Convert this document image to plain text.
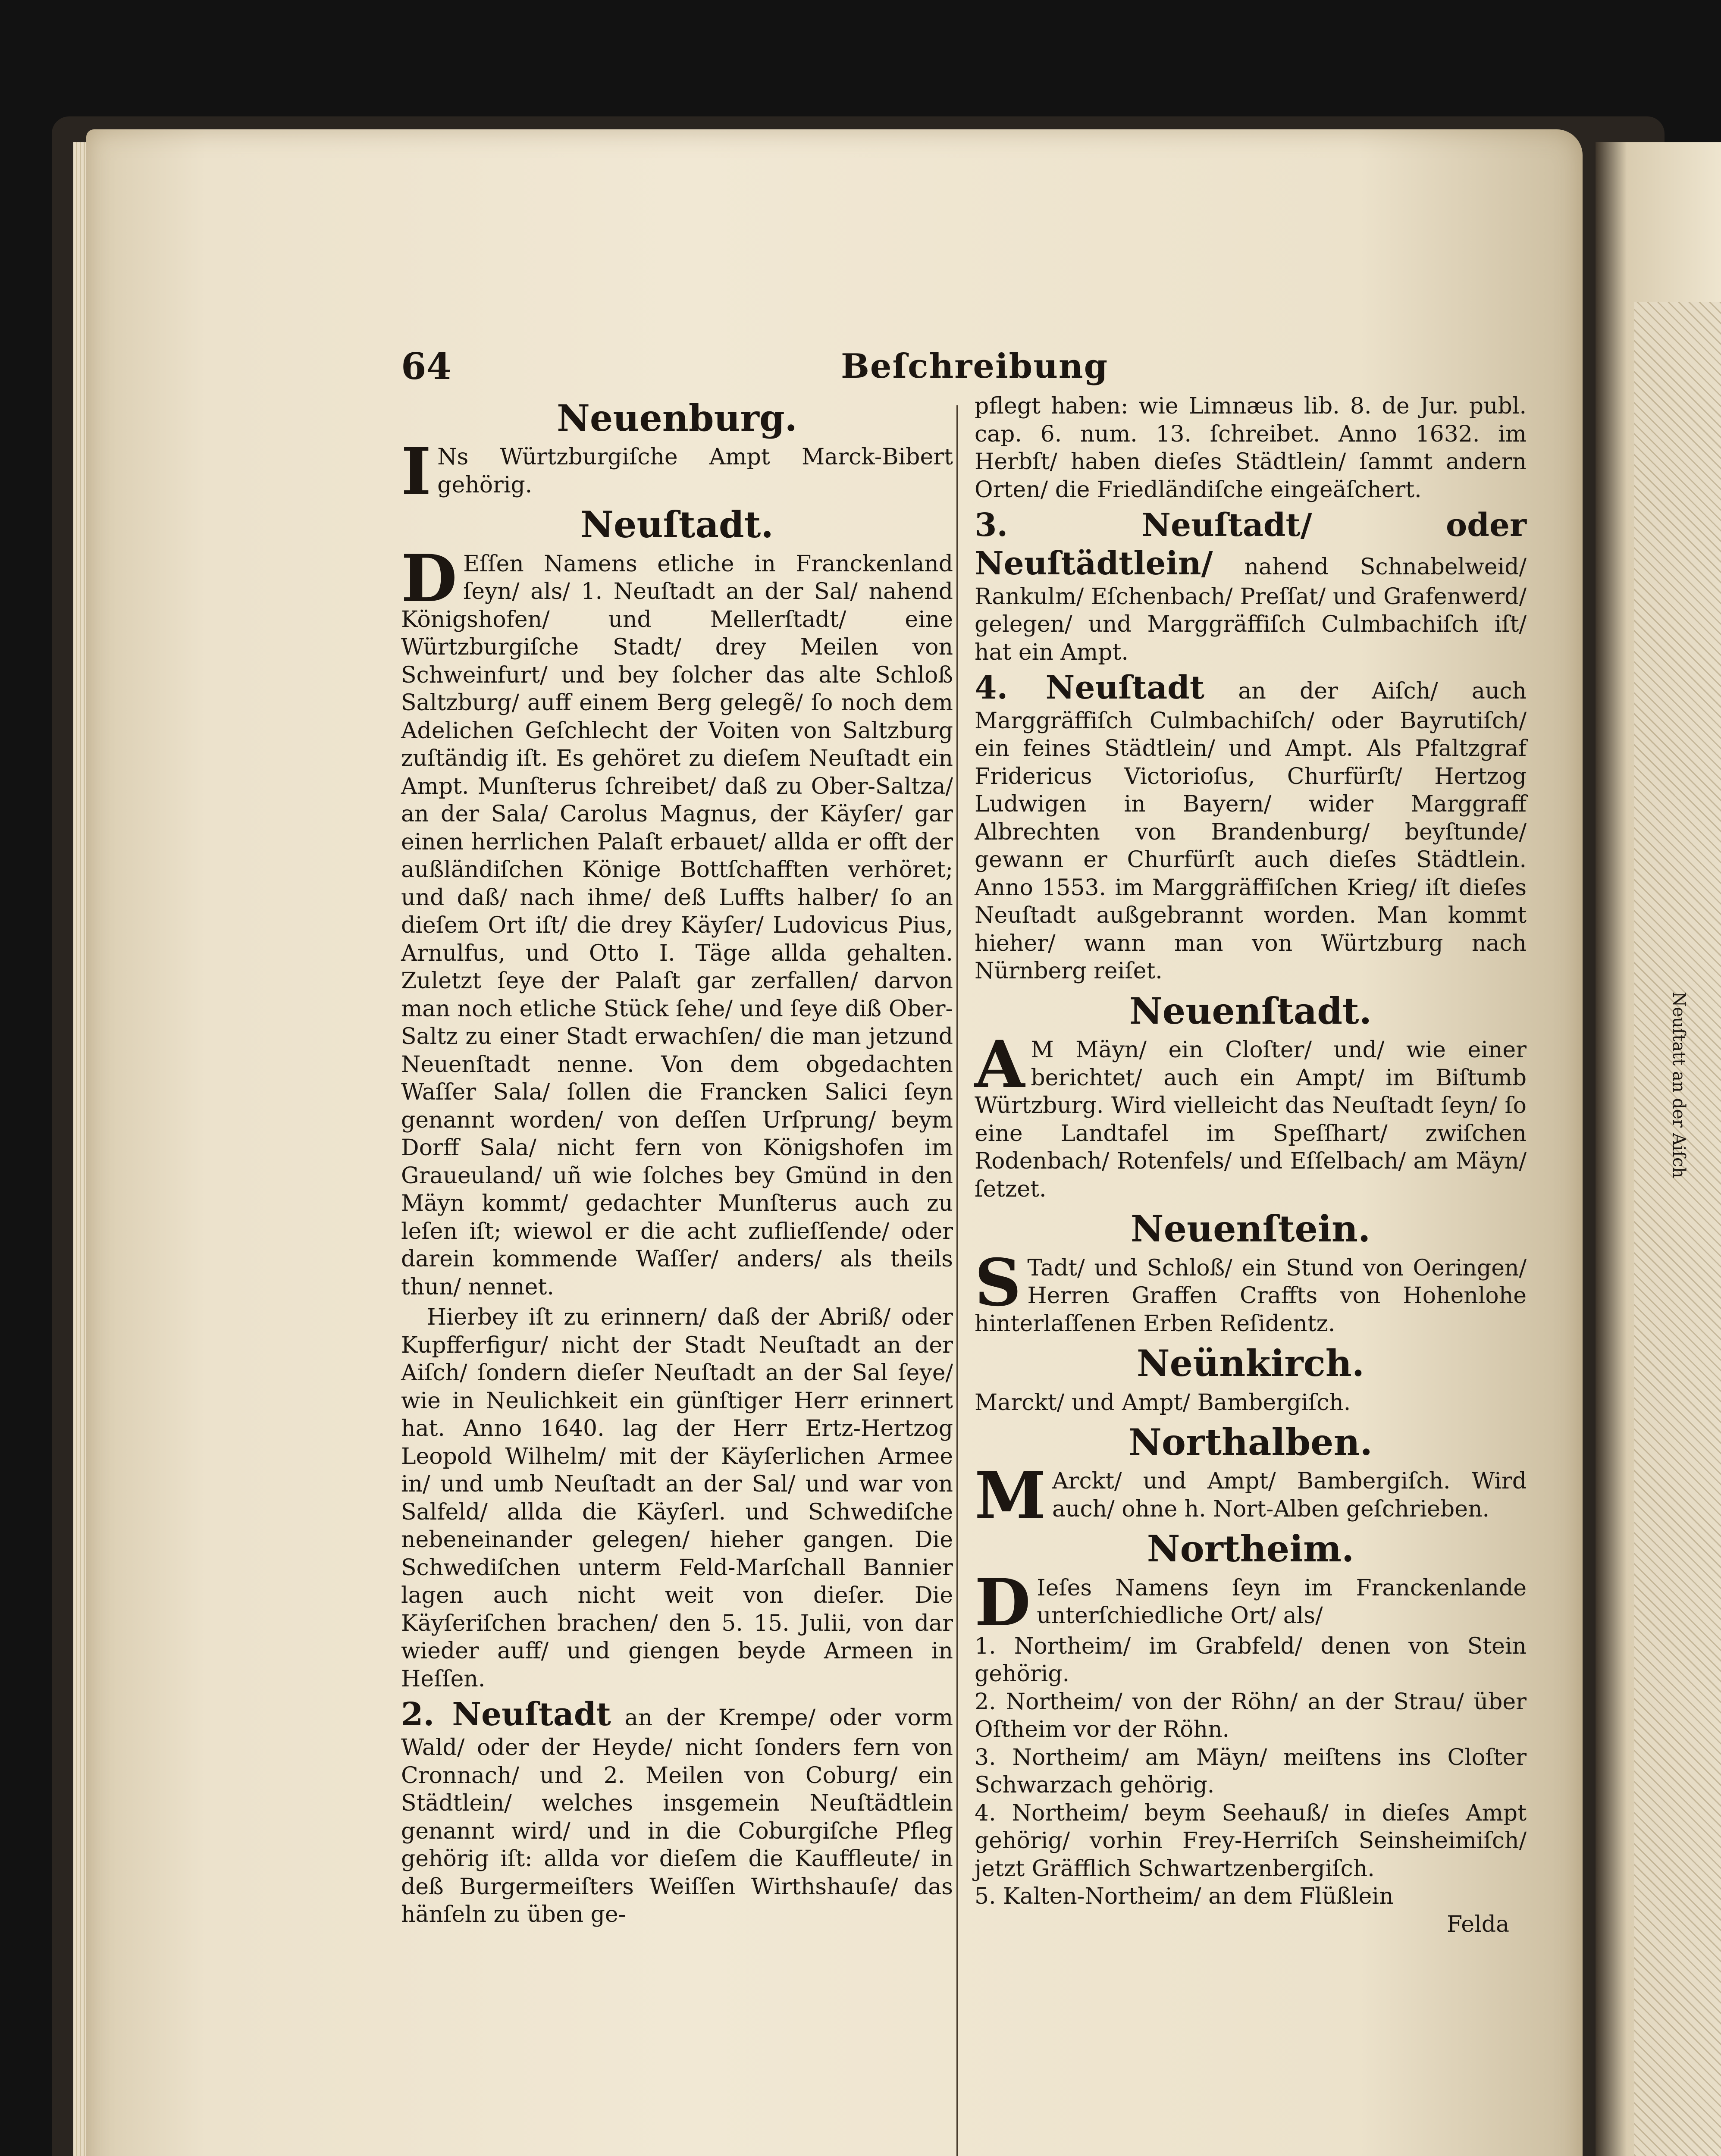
Neuſtatt an der Aiſch
64	Beſchreibung
Neuenburg.

I Ns Würtzburgiſche Ampt Marck-Bibert gehörig.

Neuſtadt.

D Eſſen Namens etliche in Franckenland ſeyn/ als/ 1. Neuſtadt an der Sal/ nahend Königshofen/ und Mellerſtadt/ eine Würtzburgiſche Stadt/ drey Meilen von Schweinfurt/ und bey ſolcher das alte Schloß Saltzburg/ auff einem Berg gelegẽ/ ſo noch dem Adelichen Geſchlecht der Voiten von Saltzburg zuſtändig iſt. Es gehöret zu dieſem Neuſtadt ein Ampt. Munſterus ſchreibet/ daß zu Ober-Saltza/ an der Sala/ Carolus Magnus, der Käyſer/ gar einen herrlichen Palaſt erbauet/ allda er offt der außländiſchen Könige Bottſchafften verhöret; und daß/ nach ihme/ deß Luffts halber/ ſo an dieſem Ort iſt/ die drey Käyſer/ Ludovicus Pius, Arnulfus, und Otto I. Täge allda gehalten. Zuletzt ſeye der Palaſt gar zerfallen/ darvon man noch etliche Stück ſehe/ und ſeye diß Ober-Saltz zu einer Stadt erwachſen/ die man jetzund Neuenſtadt nenne. Von dem obgedachten Waſſer Sala/ ſollen die Francken Salici ſeyn genannt worden/ von deſſen Urſprung/ beym Dorff Sala/ nicht fern von Königshofen im Graueuland/ uñ wie ſolches bey Gmünd in den Mäyn kommt/ gedachter Munſterus auch zu leſen iſt; wiewol er die acht zuflieſſende/ oder darein kommende Waſſer/ anders/ als theils thun/ nennet.

Hierbey iſt zu erinnern/ daß der Abriß/ oder Kupfferfigur/ nicht der Stadt Neuſtadt an der Aiſch/ ſondern dieſer Neuſtadt an der Sal ſeye/ wie in Neulichkeit ein günſtiger Herr erinnert hat. Anno 1640. lag der Herr Ertz-Hertzog Leopold Wilhelm/ mit der Käyſerlichen Armee in/ und umb Neuſtadt an der Sal/ und war von Salfeld/ allda die Käyſerl. und Schwediſche nebeneinander gelegen/ hieher gangen. Die Schwediſchen unterm Feld-Marſchall Bannier lagen auch nicht weit von dieſer. Die Käyſeriſchen brachen/ den 5. 15. Julii, von dar wieder auff/ und giengen beyde Armeen in Heſſen.

2. Neuſtadt an der Krempe/ oder vorm Wald/ oder der Heyde/ nicht ſonders fern von Cronnach/ und 2. Meilen von Coburg/ ein Städtlein/ welches insgemein Neuſtädtlein genannt wird/ und in die Coburgiſche Pfleg gehörig iſt: allda vor dieſem die Kauffleute/ in deß Burgermeiſters Weiſſen Wirthshauſe/ das hänſeln zu üben ge-

pflegt haben: wie Limnæus lib. 8. de Jur. publ. cap. 6. num. 13. ſchreibet. Anno 1632. im Herbſt/ haben dieſes Städtlein/ ſammt andern Orten/ die Friedländiſche eingeäſchert.

3. Neuſtadt/ oder Neuſtädtlein/ nahend Schnabelweid/ Rankulm/ Eſchenbach/ Preſſat/ und Grafenwerd/ gelegen/ und Marggräffiſch Culmbachiſch iſt/ hat ein Ampt.

4. Neuſtadt an der Aiſch/ auch Marggräffiſch Culmbachiſch/ oder Bayrutiſch/ ein feines Städtlein/ und Ampt. Als Pfaltzgraf Fridericus Victorioſus, Churfürſt/ Hertzog Ludwigen in Bayern/ wider Marggraff Albrechten von Brandenburg/ beyſtunde/ gewann er Churfürſt auch dieſes Städtlein. Anno 1553. im Marggräffiſchen Krieg/ iſt dieſes Neuſtadt außgebrannt worden. Man kommt hieher/ wann man von Würtzburg nach Nürnberg reiſet.

Neuenſtadt.

A M Mäyn/ ein Cloſter/ und/ wie einer berichtet/ auch ein Ampt/ im Biſtumb Würtzburg. Wird vielleicht das Neuſtadt ſeyn/ ſo eine Landtafel im Speſſhart/ zwiſchen Rodenbach/ Rotenfels/ und Eſſelbach/ am Mäyn/ ſetzet.

Neuenſtein.

S Tadt/ und Schloß/ ein Stund von Oeringen/ Herren Graffen Craffts von Hohenlohe hinterlaſſenen Erben Reſidentz.

Neünkirch.

Marckt/ und Ampt/ Bambergiſch.

Northalben.

M Arckt/ und Ampt/ Bambergiſch. Wird auch/ ohne h. Nort-Alben geſchrieben.

Northeim.

D Ieſes Namens ſeyn im Franckenlande unterſchiedliche Ort/ als/

1. Northeim/ im Grabfeld/ denen von Stein gehörig.

2. Northeim/ von der Röhn/ an der Strau/ über Oſtheim vor der Röhn.

3. Northeim/ am Mäyn/ meiſtens ins Cloſter Schwarzach gehörig.

4. Northeim/ beym Seehauß/ in dieſes Ampt gehörig/ vorhin Frey-Herriſch Seinsheimiſch/ jetzt Gräfflich Schwartzenbergiſch.

5. Kalten-Northeim/ an dem Flüßlein

Felda
